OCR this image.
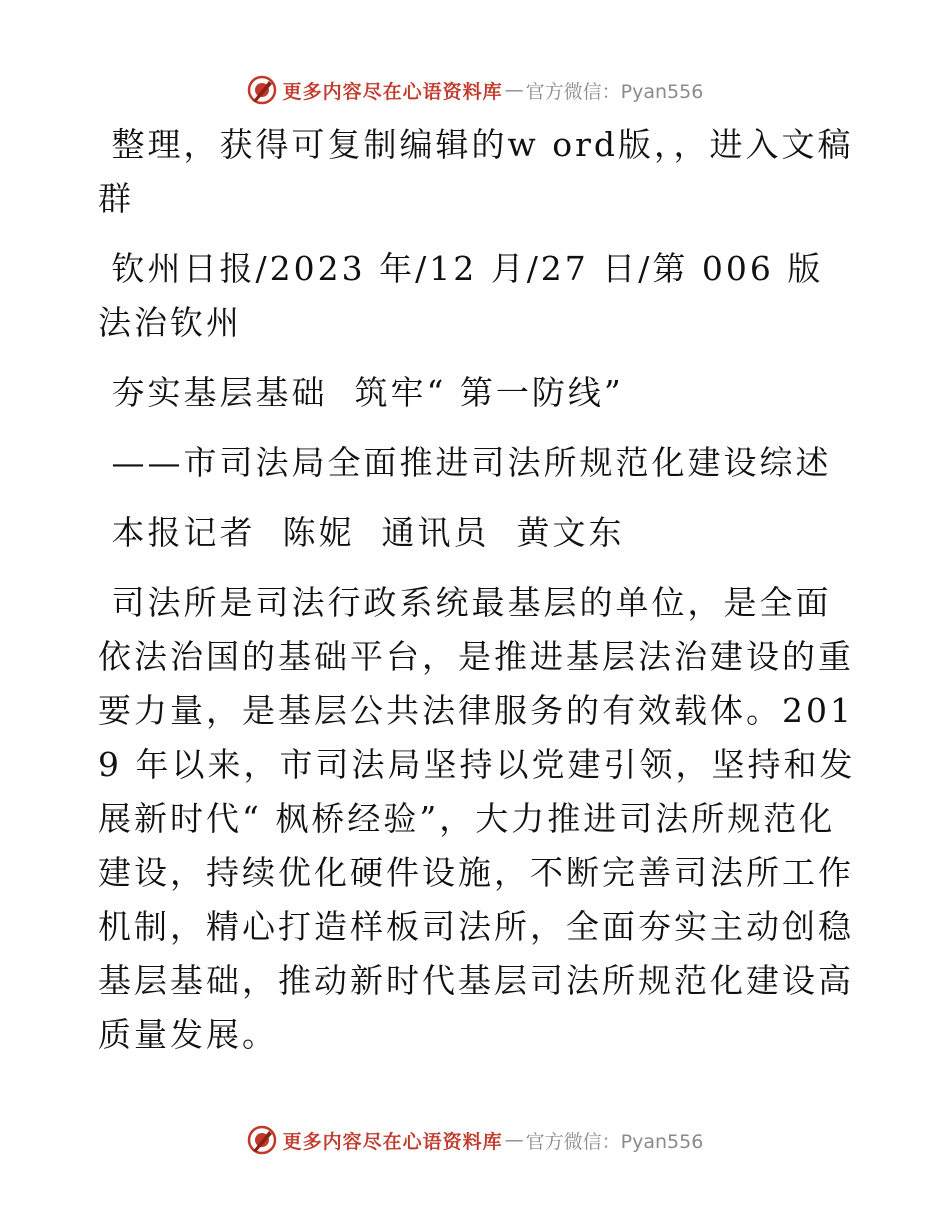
更多内容尽在心语资料库 — 官方微信：Pyan556

整理，获得可复制编辑的w ord版，，进入文稿群

钦州日报/2023 年/12 月/27 日/第 006 版法治钦州

夯实基层基础  筑牢“ 第一防线”

——市司法局全面推进司法所规范化建设综述

本报记者  陈妮  通讯员  黄文东

司法所是司法行政系统最基层的单位，是全面依法治国的基础平台，是推进基层法治建设的重要力量，是基层公共法律服务的有效载体。2019 年以来，市司法局坚持以党建引领，坚持和发展新时代“ 枫桥经验”，大力推进司法所规范化建设，持续优化硬件设施，不断完善司法所工作机制，精心打造样板司法所，全面夯实主动创稳基层基础，推动新时代基层司法所规范化建设高质量发展。

更多内容尽在心语资料库 — 官方微信：Pyan556
